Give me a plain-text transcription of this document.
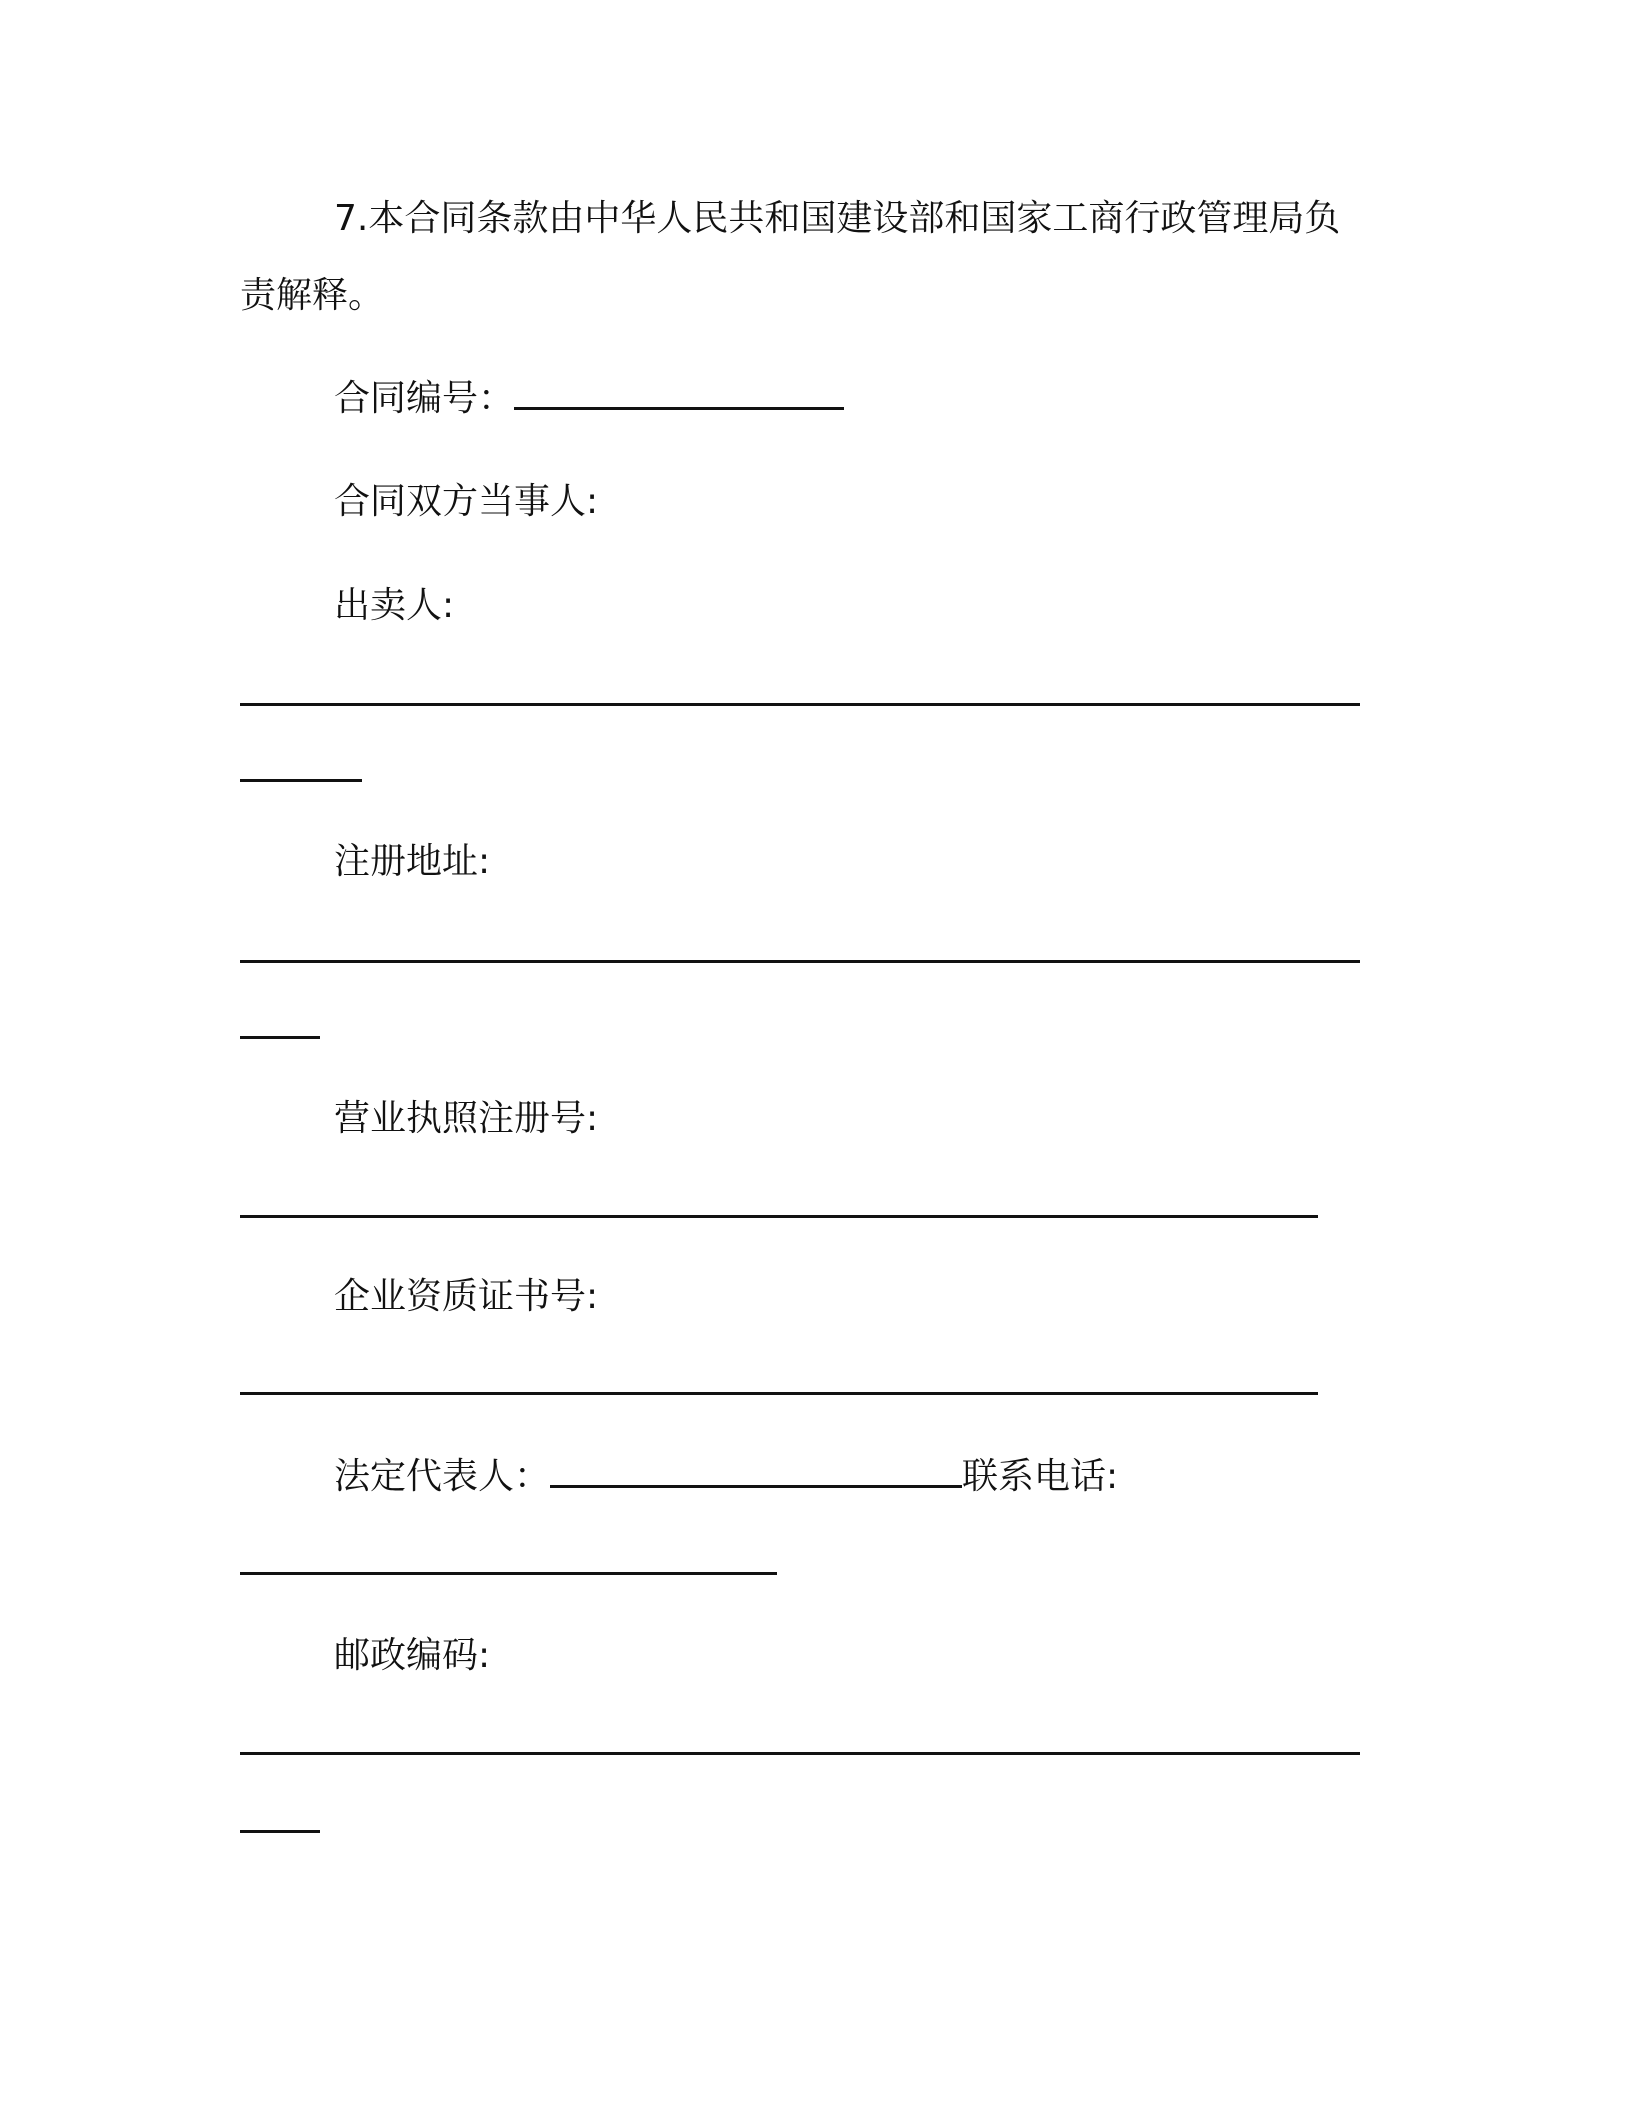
7.本合同条款由中华人民共和国建设部和国家工商行政管理局负
责解释。
合同编号：
合同双方当事人:
出卖人:
注册地址:
营业执照注册号:
企业资质证书号:
法定代表人：	联系电话:
邮政编码:
